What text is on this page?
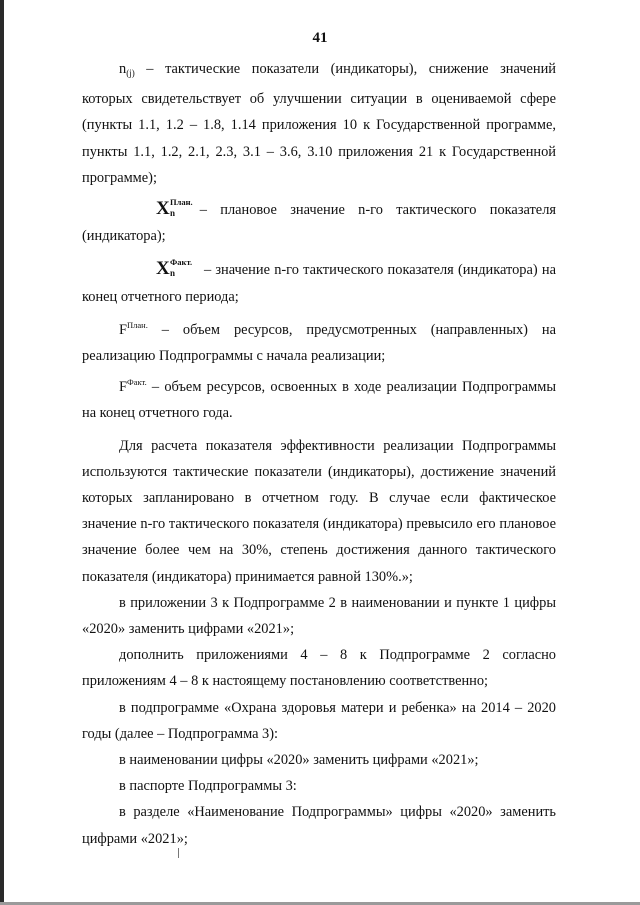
41

$n_{(j)}$ – тактические показатели (индикаторы), снижение значений которых свидетельствует об улучшении ситуации в оцениваемой сфере (пункты 1.1, 1.2 – 1.8, 1.14 приложения 10 к Государственной программе, пункты 1.1, 1.2, 2.1, 2.3, 3.1 – 3.6, 3.10 приложения 21 к Государственной программе);

X План.
n – плановое значение n-го тактического показателя (индикатора);

X Факт.
n – значение n-го тактического показателя (индикатора) на конец отчетного периода;

$F^{План.}$ – объем ресурсов, предусмотренных (направленных) на реализацию Подпрограммы с начала реализации;

$F^{Факт.}$ – объем ресурсов, освоенных в ходе реализации Подпрограммы на конец отчетного года.

Для расчета показателя эффективности реализации Подпрограммы используются тактические показатели (индикаторы), достижение значений которых запланировано в отчетном году. В случае если фактическое значение n-го тактического показателя (индикатора) превысило его плановое значение более чем на 30%, степень достижения данного тактического показателя (индикатора) принимается равной 130%.»;

в приложении 3 к Подпрограмме 2 в наименовании и пункте 1 цифры «2020» заменить цифрами «2021»;

дополнить приложениями 4 – 8 к Подпрограмме 2 согласно приложениям 4 – 8 к настоящему постановлению соответственно;

в подпрограмме «Охрана здоровья матери и ребенка» на 2014 – 2020 годы (далее – Подпрограмма 3):

в наименовании цифры «2020» заменить цифрами «2021»;

в паспорте Подпрограммы 3:

в разделе «Наименование Подпрограммы» цифры «2020» заменить цифрами «2021»;
